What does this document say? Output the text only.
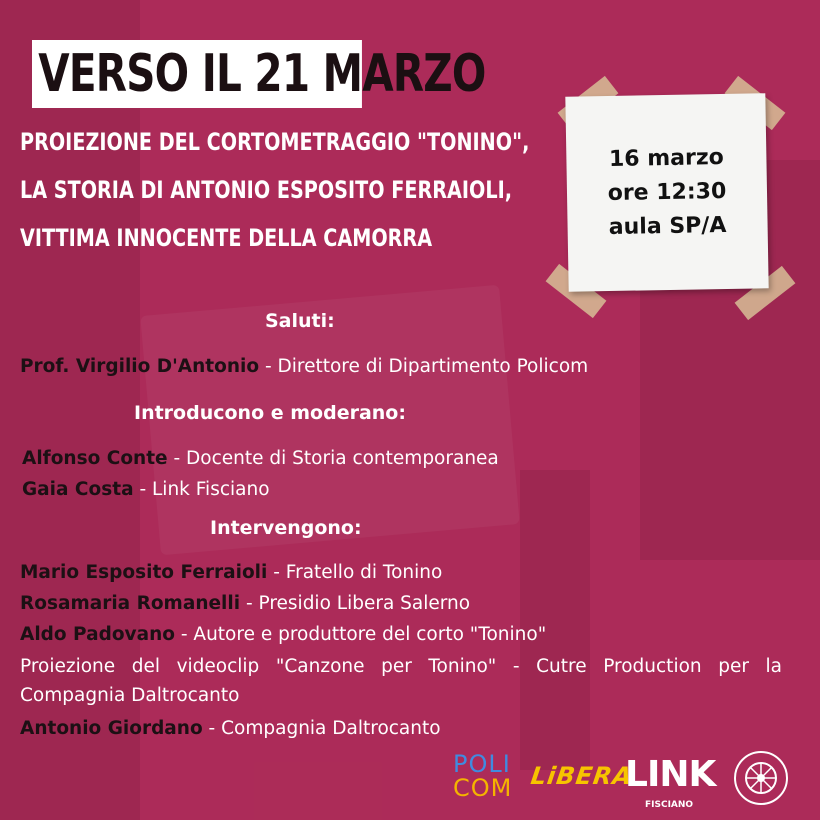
VERSO IL 21 MARZO
PROIEZIONE DEL CORTOMETRAGGIO "TONINO",
LA STORIA DI ANTONIO ESPOSITO FERRAIOLI,
VITTIMA INNOCENTE DELLA CAMORRA
16 marzo
ore 12:30
aula SP/A
Saluti:
Prof. Virgilio D'Antonio - Direttore di Dipartimento Policom
Introducono e moderano:
Alfonso Conte - Docente di Storia contemporanea
Gaia Costa - Link Fisciano
Intervengono:
Mario Esposito Ferraioli - Fratello di Tonino
Rosamaria Romanelli - Presidio Libera Salerno
Aldo Padovano - Autore e produttore del corto "Tonino"
Proiezione del videoclip "Canzone per Tonino" - Cutre Production per la Compagnia Daltrocanto
Antonio Giordano - Compagnia Daltrocanto
POLI
COM LiBERA
LINK
FISCIANO
